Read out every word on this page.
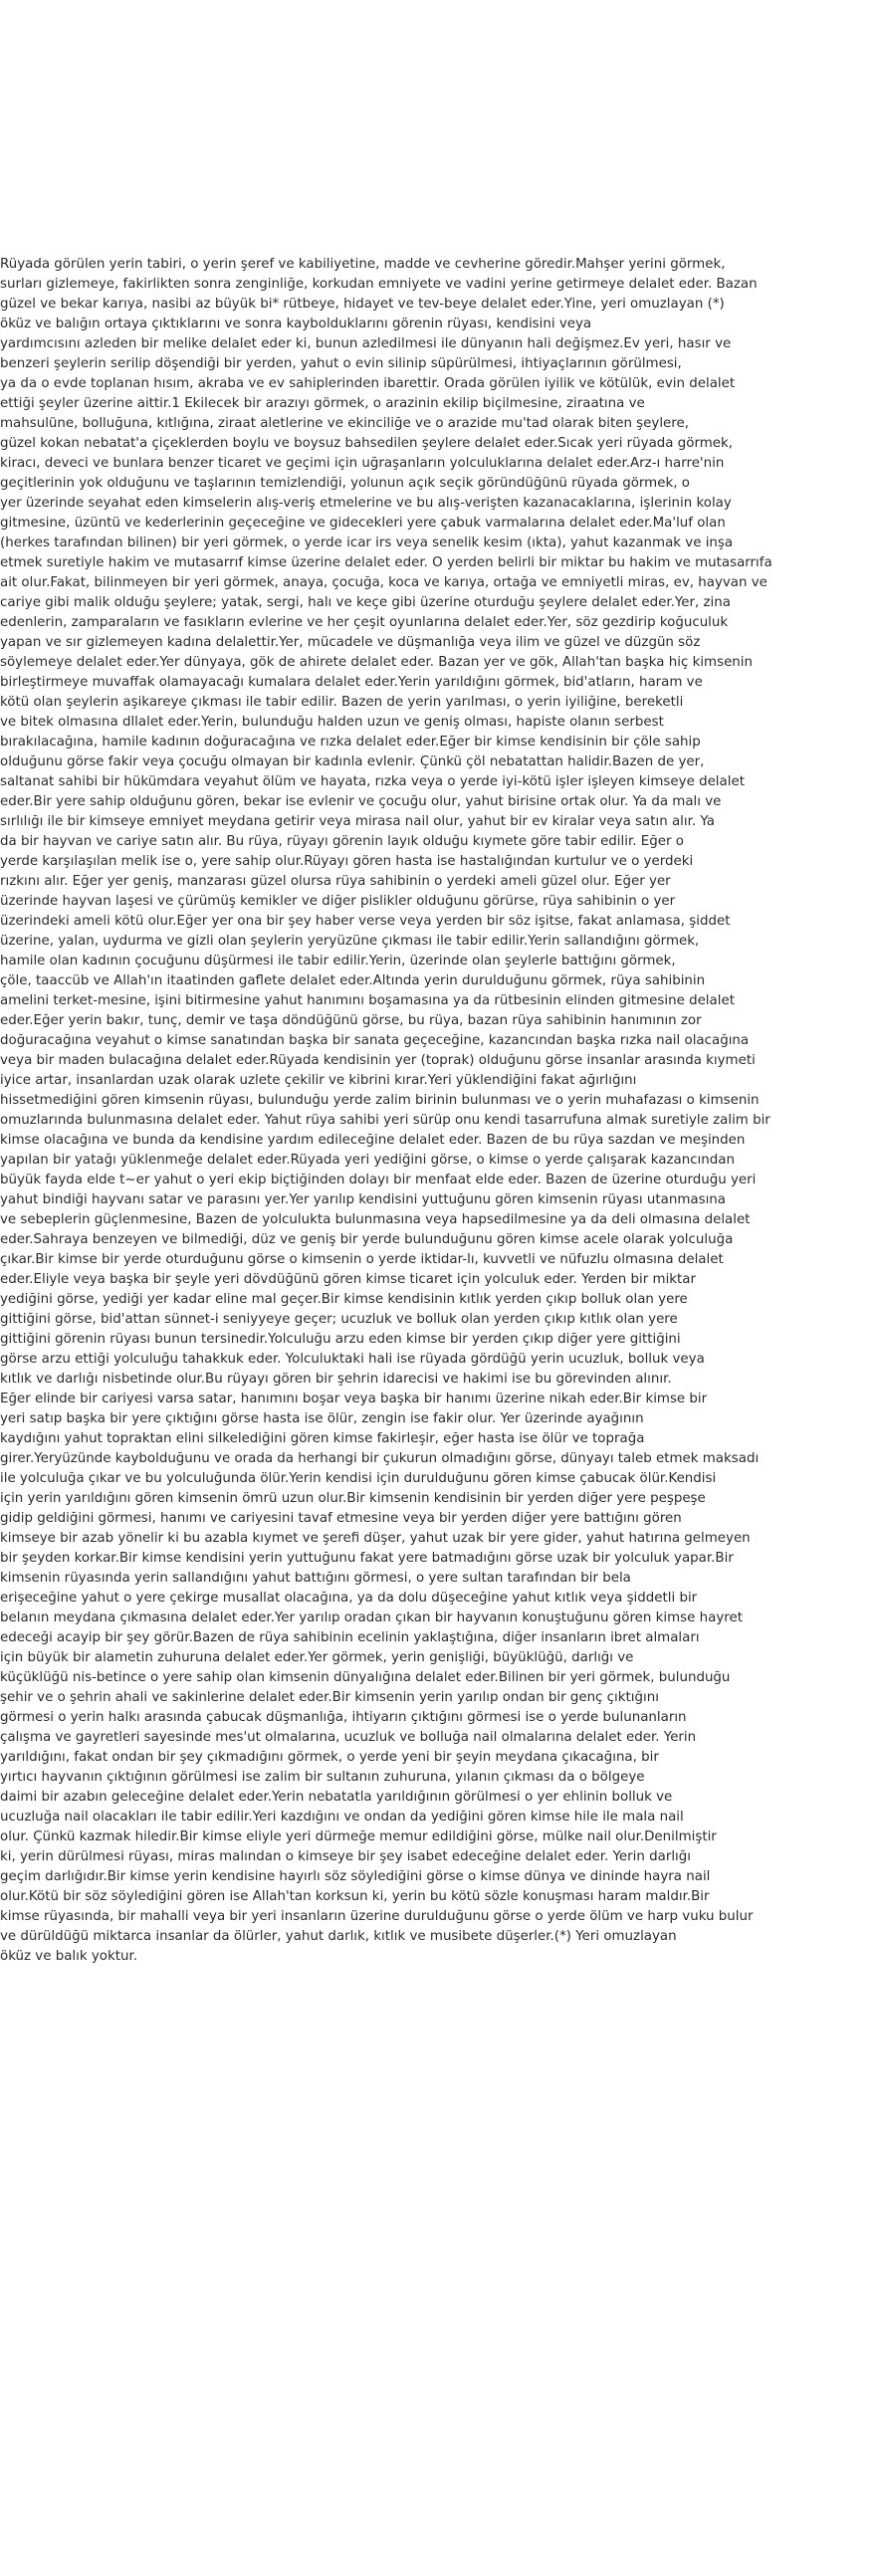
Rüyada görülen yerin tabiri, o yerin şeref ve kabiliyetine, madde ve cevherine göredir.Mahşer yerini görmek,
surları gizlemeye, fakirlikten sonra zenginliğe, korkudan emniyete ve vadini yerine getirmeye delalet eder. Bazan
güzel ve bekar karıya, nasibi az büyük bi* rütbeye, hidayet ve tev-beye delalet eder.Yine, yeri omuzlayan (*)
öküz ve balığın ortaya çıktıklarını ve sonra kaybolduklarını görenin rüyası, kendisini veya
yardımcısını azleden bir melike delalet eder ki, bunun azledilmesi ile dünyanın hali değişmez.Ev yeri, hasır ve
benzeri şeylerin serilip döşendiği bir yerden, yahut o evin silinip süpürülmesi, ihtiyaçlarının görülmesi,
ya da o evde toplanan hısım, akraba ve ev sahiplerinden ibarettir. Orada görülen iyilik ve kötülük, evin delalet
ettiği şeyler üzerine aittir.1 Ekilecek bir arazıyı görmek, o arazinin ekilip biçilmesine, ziraatına ve
mahsulüne, bolluğuna, kıtlığına, ziraat aletlerine ve ekinciliğe ve o arazide mu'tad olarak biten şeylere,
güzel kokan nebatat'a çiçeklerden boylu ve boysuz bahsedilen şeylere delalet eder.Sıcak yeri rüyada görmek,
kiracı, deveci ve bunlara benzer ticaret ve geçimi için uğraşanların yolculuklarına delalet eder.Arz-ı harre'nin
geçitlerinin yok olduğunu ve taşlarının temizlendiği, yolunun açık seçik göründüğünü rüyada görmek, o
yer üzerinde seyahat eden kimselerin alış-veriş etmelerine ve bu alış-verişten kazanacaklarına, işlerinin kolay
gitmesine, üzüntü ve kederlerinin geçeceğine ve gidecekleri yere çabuk varmalarına delalet eder.Ma'luf olan
(herkes tarafından bilinen) bir yeri görmek, o yerde icar irs veya senelik kesim (ıkta), yahut kazanmak ve inşa
etmek suretiyle hakim ve mutasarrıf kimse üzerine delalet eder. O yerden belirli bir miktar bu hakim ve mutasarrıfa
ait olur.Fakat, bilinmeyen bir yeri görmek, anaya, çocuğa, koca ve karıya, ortağa ve emniyetli miras, ev, hayvan ve
cariye gibi malik olduğu şeylere; yatak, sergi, halı ve keçe gibi üzerine oturduğu şeylere delalet eder.Yer, zina
edenlerin, zamparaların ve fasıkların evlerine ve her çeşit oyunlarına delalet eder.Yer, söz gezdirip koğuculuk
yapan ve sır gizlemeyen kadına delalettir.Yer, mücadele ve düşmanlığa veya ilim ve güzel ve düzgün söz
söylemeye delalet eder.Yer dünyaya, gök de ahirete delalet eder. Bazan yer ve gök, Allah'tan başka hiç kimsenin
birleştirmeye muvaffak olamayacağı kumalara delalet eder.Yerin yarıldığını görmek, bid'atların, haram ve
kötü olan şeylerin aşikareye çıkması ile tabir edilir. Bazen de yerin yarılması, o yerin iyiliğine, bereketli
ve bitek olmasına dllalet eder.Yerin, bulunduğu halden uzun ve geniş olması, hapiste olanın serbest
bırakılacağına, hamile kadının doğuracağına ve rızka delalet eder.Eğer bir kimse kendisinin bir çöle sahip
olduğunu görse fakir veya çocuğu olmayan bir kadınla evlenir. Çünkü çöl nebatattan halidir.Bazen de yer,
saltanat sahibi bir hükümdara veyahut ölüm ve hayata, rızka veya o yerde iyi-kötü işler işleyen kimseye delalet
eder.Bir yere sahip olduğunu gören, bekar ise evlenir ve çocuğu olur, yahut birisine ortak olur. Ya da malı ve
sırlılığı ile bir kimseye emniyet meydana getirir veya mirasa nail olur, yahut bir ev kiralar veya satın alır. Ya
da bir hayvan ve cariye satın alır. Bu rüya, rüyayı görenin layık olduğu kıymete göre tabir edilir. Eğer o
yerde karşılaşılan melik ise o, yere sahip olur.Rüyayı gören hasta ise hastalığından kurtulur ve o yerdeki
rızkını alır. Eğer yer geniş, manzarası güzel olursa rüya sahibinin o yerdeki ameli güzel olur. Eğer yer
üzerinde hayvan laşesi ve çürümüş kemikler ve diğer pislikler olduğunu görürse, rüya sahibinin o yer
üzerindeki ameli kötü olur.Eğer yer ona bir şey haber verse veya yerden bir söz işitse, fakat anlamasa, şiddet
üzerine, yalan, uydurma ve gizli olan şeylerin yeryüzüne çıkması ile tabir edilir.Yerin sallandığını görmek,
hamile olan kadının çocuğunu düşürmesi ile tabir edilir.Yerin, üzerinde olan şeylerle battığını görmek,
çöle, taaccüb ve Allah'ın itaatinden gaflete delalet eder.Altında yerin durulduğunu görmek, rüya sahibinin
amelini terket-mesine, işini bitirmesine yahut hanımını boşamasına ya da rütbesinin elinden gitmesine delalet
eder.Eğer yerin bakır, tunç, demir ve taşa döndüğünü görse, bu rüya, bazan rüya sahibinin hanımının zor
doğuracağına veyahut o kimse sanatından başka bir sanata geçeceğine, kazancından başka rızka nail olacağına
veya bir maden bulacağına delalet eder.Rüyada kendisinin yer (toprak) olduğunu görse insanlar arasında kıymeti
iyice artar, insanlardan uzak olarak uzlete çekilir ve kibrini kırar.Yeri yüklendiğini fakat ağırlığını
hissetmediğini gören kimsenin rüyası, bulunduğu yerde zalim birinin bulunması ve o yerin muhafazası o kimsenin
omuzlarında bulunmasına delalet eder. Yahut rüya sahibi yeri sürüp onu kendi tasarrufuna almak suretiyle zalim bir
kimse olacağına ve bunda da kendisine yardım edileceğine delalet eder. Bazen de bu rüya sazdan ve meşinden
yapılan bir yatağı yüklenmeğe delalet eder.Rüyada yeri yediğini görse, o kimse o yerde çalışarak kazancından
büyük fayda elde t~er yahut o yeri ekip biçtiğinden dolayı bir menfaat elde eder. Bazen de üzerine oturduğu yeri
yahut bindiği hayvanı satar ve parasını yer.Yer yarılıp kendisini yuttuğunu gören kimsenin rüyası utanmasına
ve sebeplerin güçlenmesine, Bazen de yolculukta bulunmasına veya hapsedilmesine ya da deli olmasına delalet
eder.Sahraya benzeyen ve bilmediği, düz ve geniş bir yerde bulunduğunu gören kimse acele olarak yolculuğa
çıkar.Bir kimse bir yerde oturduğunu görse o kimsenin o yerde iktidar-lı, kuvvetli ve nüfuzlu olmasına delalet
eder.Eliyle veya başka bir şeyle yeri dövdüğünü gören kimse ticaret için yolculuk eder. Yerden bir miktar
yediğini görse, yediği yer kadar eline mal geçer.Bir kimse kendisinin kıtlık yerden çıkıp bolluk olan yere
gittiğini görse, bid'attan sünnet-i seniyyeye geçer; ucuzluk ve bolluk olan yerden çıkıp kıtlık olan yere
gittiğini görenin rüyası bunun tersinedir.Yolculuğu arzu eden kimse bir yerden çıkıp diğer yere gittiğini
görse arzu ettiği yolculuğu tahakkuk eder. Yolculuktaki hali ise rüyada gördüğü yerin ucuzluk, bolluk veya
kıtlık ve darlığı nisbetinde olur.Bu rüyayı gören bir şehrin idarecisi ve hakimi ise bu görevinden alınır.
Eğer elinde bir cariyesi varsa satar, hanımını boşar veya başka bir hanımı üzerine nikah eder.Bir kimse bir
yeri satıp başka bir yere çıktığını görse hasta ise ölür, zengin ise fakir olur. Yer üzerinde ayağının
kaydığını yahut topraktan elini silkelediğini gören kimse fakirleşir, eğer hasta ise ölür ve toprağa
girer.Yeryüzünde kaybolduğunu ve orada da herhangi bir çukurun olmadığını görse, dünyayı taleb etmek maksadı
ile yolculuğa çıkar ve bu yolculuğunda ölür.Yerin kendisi için durulduğunu gören kimse çabucak ölür.Kendisi
için yerin yarıldığını gören kimsenin ömrü uzun olur.Bir kimsenin kendisinin bir yerden diğer yere peşpeşe
gidip geldiğini görmesi, hanımı ve cariyesini tavaf etmesine veya bir yerden diğer yere battığını gören
kimseye bir azab yönelir ki bu azabla kıymet ve şerefi düşer, yahut uzak bir yere gider, yahut hatırına gelmeyen
bir şeyden korkar.Bir kimse kendisini yerin yuttuğunu fakat yere batmadığını görse uzak bir yolculuk yapar.Bir
kimsenin rüyasında yerin sallandığını yahut battığını görmesi, o yere sultan tarafından bir bela
erişeceğine yahut o yere çekirge musallat olacağına, ya da dolu düşeceğine yahut kıtlık veya şiddetli bir
belanın meydana çıkmasına delalet eder.Yer yarılıp oradan çıkan bir hayvanın konuştuğunu gören kimse hayret
edeceği acayip bir şey görür.Bazen de rüya sahibinin ecelinin yaklaştığına, diğer insanların ibret almaları
için büyük bir alametin zuhuruna delalet eder.Yer görmek, yerin genişliği, büyüklüğü, darlığı ve
küçüklüğü nis-betince o yere sahip olan kimsenin dünyalığına delalet eder.Bilinen bir yeri görmek, bulunduğu
şehir ve o şehrin ahali ve sakinlerine delalet eder.Bir kimsenin yerin yarılıp ondan bir genç çıktığını
görmesi o yerin halkı arasında çabucak düşmanlığa, ihtiyarın çıktığını görmesi ise o yerde bulunanların
çalışma ve gayretleri sayesinde mes'ut olmalarına, ucuzluk ve bolluğa nail olmalarına delalet eder. Yerin
yarıldığını, fakat ondan bir şey çıkmadığını görmek, o yerde yeni bir şeyin meydana çıkacağına, bir
yırtıcı hayvanın çıktığının görülmesi ise zalim bir sultanın zuhuruna, yılanın çıkması da o bölgeye
daimi bir azabın geleceğine delalet eder.Yerin nebatatla yarıldığının görülmesi o yer ehlinin bolluk ve
ucuzluğa nail olacakları ile tabir edilir.Yeri kazdığını ve ondan da yediğini gören kimse hile ile mala nail
olur. Çünkü kazmak hiledir.Bir kimse eliyle yeri dürmeğe memur edildiğini görse, mülke nail olur.Denilmiştir
ki, yerin dürülmesi rüyası, miras malından o kimseye bir şey isabet edeceğine delalet eder. Yerin darlığı
geçim darlığıdır.Bir kimse yerin kendisine hayırlı söz söylediğini görse o kimse dünya ve dininde hayra nail
olur.Kötü bir söz söylediğini gören ise Allah'tan korksun ki, yerin bu kötü sözle konuşması haram maldır.Bir
kimse rüyasında, bir mahalli veya bir yeri insanların üzerine durulduğunu görse o yerde ölüm ve harp vuku bulur
ve dürüldüğü miktarca insanlar da ölürler, yahut darlık, kıtlık ve musibete düşerler.(*) Yeri omuzlayan
öküz ve balık yoktur.
